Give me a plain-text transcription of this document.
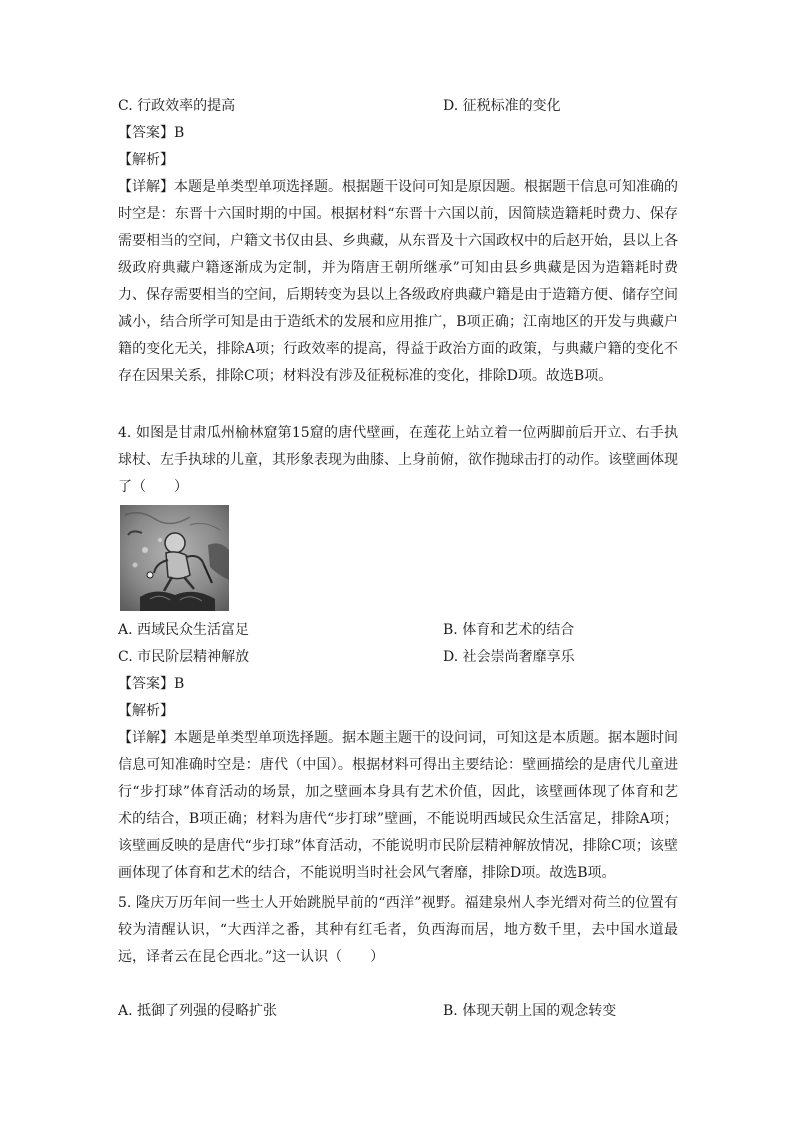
C. 行政效率的提高	D. 征税标准的变化
【答案】B
【解析】
【详解】本题是单类型单项选择题。根据题干设问可知是原因题。根据题干信息可知准确的时空是：东晋十六国时期的中国。根据材料“东晋十六国以前，因简牍造籍耗时费力、保存需要相当的空间，户籍文书仅由县、乡典藏，从东晋及十六国政权中的后赵开始，县以上各级政府典藏户籍逐渐成为定制，并为隋唐王朝所继承”可知由县乡典藏是因为造籍耗时费力、保存需要相当的空间，后期转变为县以上各级政府典藏户籍是由于造籍方便、储存空间减小，结合所学可知是由于造纸术的发展和应用推广，B项正确；江南地区的开发与典藏户籍的变化无关，排除A项；行政效率的提高，得益于政治方面的政策，与典藏户籍的变化不存在因果关系，排除C项；材料没有涉及征税标准的变化，排除D项。故选B项。
4. 如图是甘肃瓜州榆林窟第15窟的唐代壁画，在莲花上站立着一位两脚前后开立、右手执球杖、左手执球的儿童，其形象表现为曲膝、上身前俯，欲作抛球击打的动作。该壁画体现了（　　）
A. 西域民众生活富足	B. 体育和艺术的结合
C. 市民阶层精神解放	D. 社会崇尚奢靡享乐
【答案】B
【解析】
【详解】本题是单类型单项选择题。据本题主题干的设问词，可知这是本质题。据本题时间信息可知准确时空是：唐代（中国）。根据材料可得出主要结论：壁画描绘的是唐代儿童进行“步打球”体育活动的场景，加之壁画本身具有艺术价值，因此，该壁画体现了体育和艺术的结合，B项正确；材料为唐代“步打球”壁画，不能说明西域民众生活富足，排除A项；该壁画反映的是唐代“步打球”体育活动，不能说明市民阶层精神解放情况，排除C项；该壁画体现了体育和艺术的结合，不能说明当时社会风气奢靡，排除D项。故选B项。
5. 隆庆万历年间一些士人开始跳脱早前的“西洋”视野。福建泉州人李光缙对荷兰的位置有较为清醒认识，“大西洋之番，其种有红毛者，负西海而居，地方数千里，去中国水道最远，译者云在昆仑西北。”这一认识（　　）
A. 抵御了列强的侵略扩张	B. 体现天朝上国的观念转变
